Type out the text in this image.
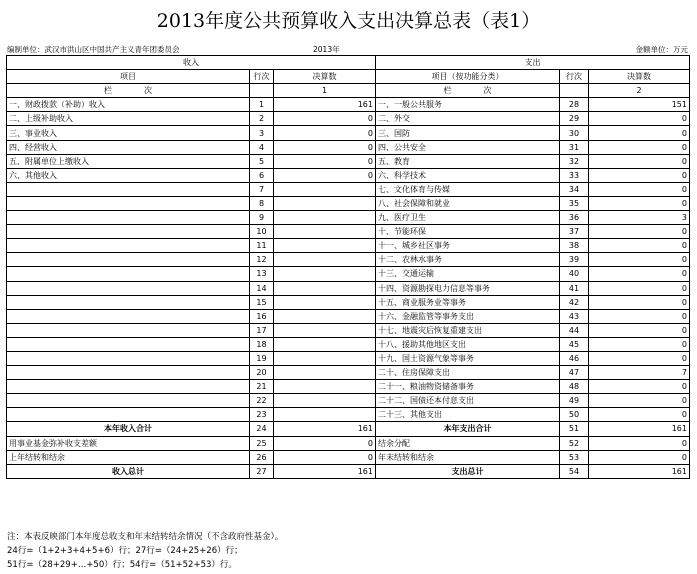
2013年度公共预算收入支出决算总表（表1）
编制单位：武汉市洪山区中国共产主义青年团委员会	2013年	金额单位：万元
收入			支出		
项目	行次	决算数	项目（按功能分类）	行次	决算数
栏　　　　次		1	栏　　　　次		2
一、财政拨款（补助）收入	1	161	一、一般公共服务	28	151
二、上级补助收入	2	0	二、外交	29	0
三、事业收入	3	0	三、国防	30	0
四、经营收入	4	0	四、公共安全	31	0
五、附属单位上缴收入	5	0	五、教育	32	0
六、其他收入	6	0	六、科学技术	33	0
	7		七、文化体育与传媒	34	0
	8		八、社会保障和就业	35	0
	9		九、医疗卫生	36	3
	10		十、节能环保	37	0
	11		十一、城乡社区事务	38	0
	12		十二、农林水事务	39	0
	13		十三、交通运输	40	0
	14		十四、资源勘探电力信息等事务	41	0
	15		十五、商业服务业等事务	42	0
	16		十六、金融监管等事务支出	43	0
	17		十七、地震灾后恢复重建支出	44	0
	18		十八、援助其他地区支出	45	0
	19		十九、国土资源气象等事务	46	0
	20		二十、住房保障支出	47	7
	21		二十一、粮油物资储备事务	48	0
	22		二十二、国债还本付息支出	49	0
	23		二十三、其他支出	50	0
本年收入合计	24	161	本年支出合计	51	161
用事业基金弥补收支差额	25	0	结余分配	52	0
上年结转和结余	26	0	年末结转和结余	53	0
收入总计	27	161	支出总计	54	161
注：本表反映部门本年度总收支和年末结转结余情况（不含政府性基金）。
24行=（1+2+3+4+5+6）行；27行=（24+25+26）行；
51行=（28+29+…+50）行；54行=（51+52+53）行。
